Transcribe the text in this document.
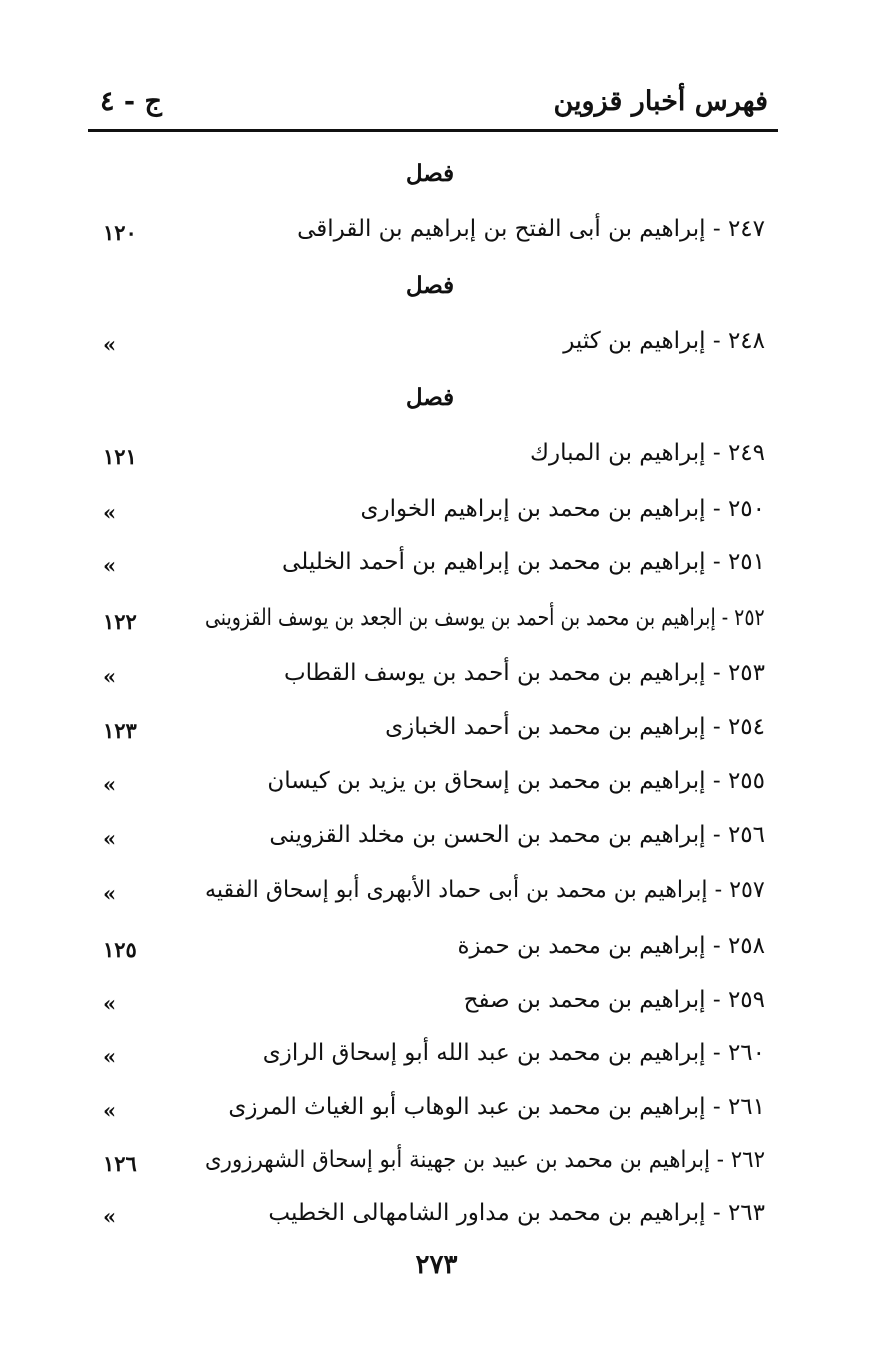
فهرس أخبار قزوين
ج - ٤
فصل
٢٤٧ - إبراهيم بن أبى الفتح بن إبراهيم بن القراقى
١٢٠
فصل
٢٤٨ - إبراهيم بن كثير
»
فصل
٢٤٩ - إبراهيم بن المبارك
١٢١
٢٥٠ - إبراهيم بن محمد بن إبراهيم الخوارى
»
٢٥١ - إبراهيم بن محمد بن إبراهيم بن أحمد الخليلى
»
٢٥٢ - إبراهيم بن محمد بن أحمد بن يوسف بن الجعد بن يوسف القزوينى
١٢٢
٢٥٣ - إبراهيم بن محمد بن أحمد بن يوسف القطاب
»
٢٥٤ - إبراهيم بن محمد بن أحمد الخبازى
١٢٣
٢٥٥ - إبراهيم بن محمد بن إسحاق بن يزيد بن كيسان
»
٢٥٦ - إبراهيم بن محمد بن الحسن بن مخلد القزوينى
»
٢٥٧ - إبراهيم بن محمد بن أبى حماد الأبهرى أبو إسحاق الفقيه
»
٢٥٨ - إبراهيم بن محمد بن حمزة
١٢٥
٢٥٩ - إبراهيم بن محمد بن صفح
»
٢٦٠ - إبراهيم بن محمد بن عبد الله أبو إسحاق الرازى
»
٢٦١ - إبراهيم بن محمد بن عبد الوهاب أبو الغياث المرزى
»
٢٦٢ - إبراهيم بن محمد بن عبيد بن جهينة أبو إسحاق الشهرزورى
١٢٦
٢٦٣ - إبراهيم بن محمد بن مداور الشامهالى الخطيب
»
٢٧٣
